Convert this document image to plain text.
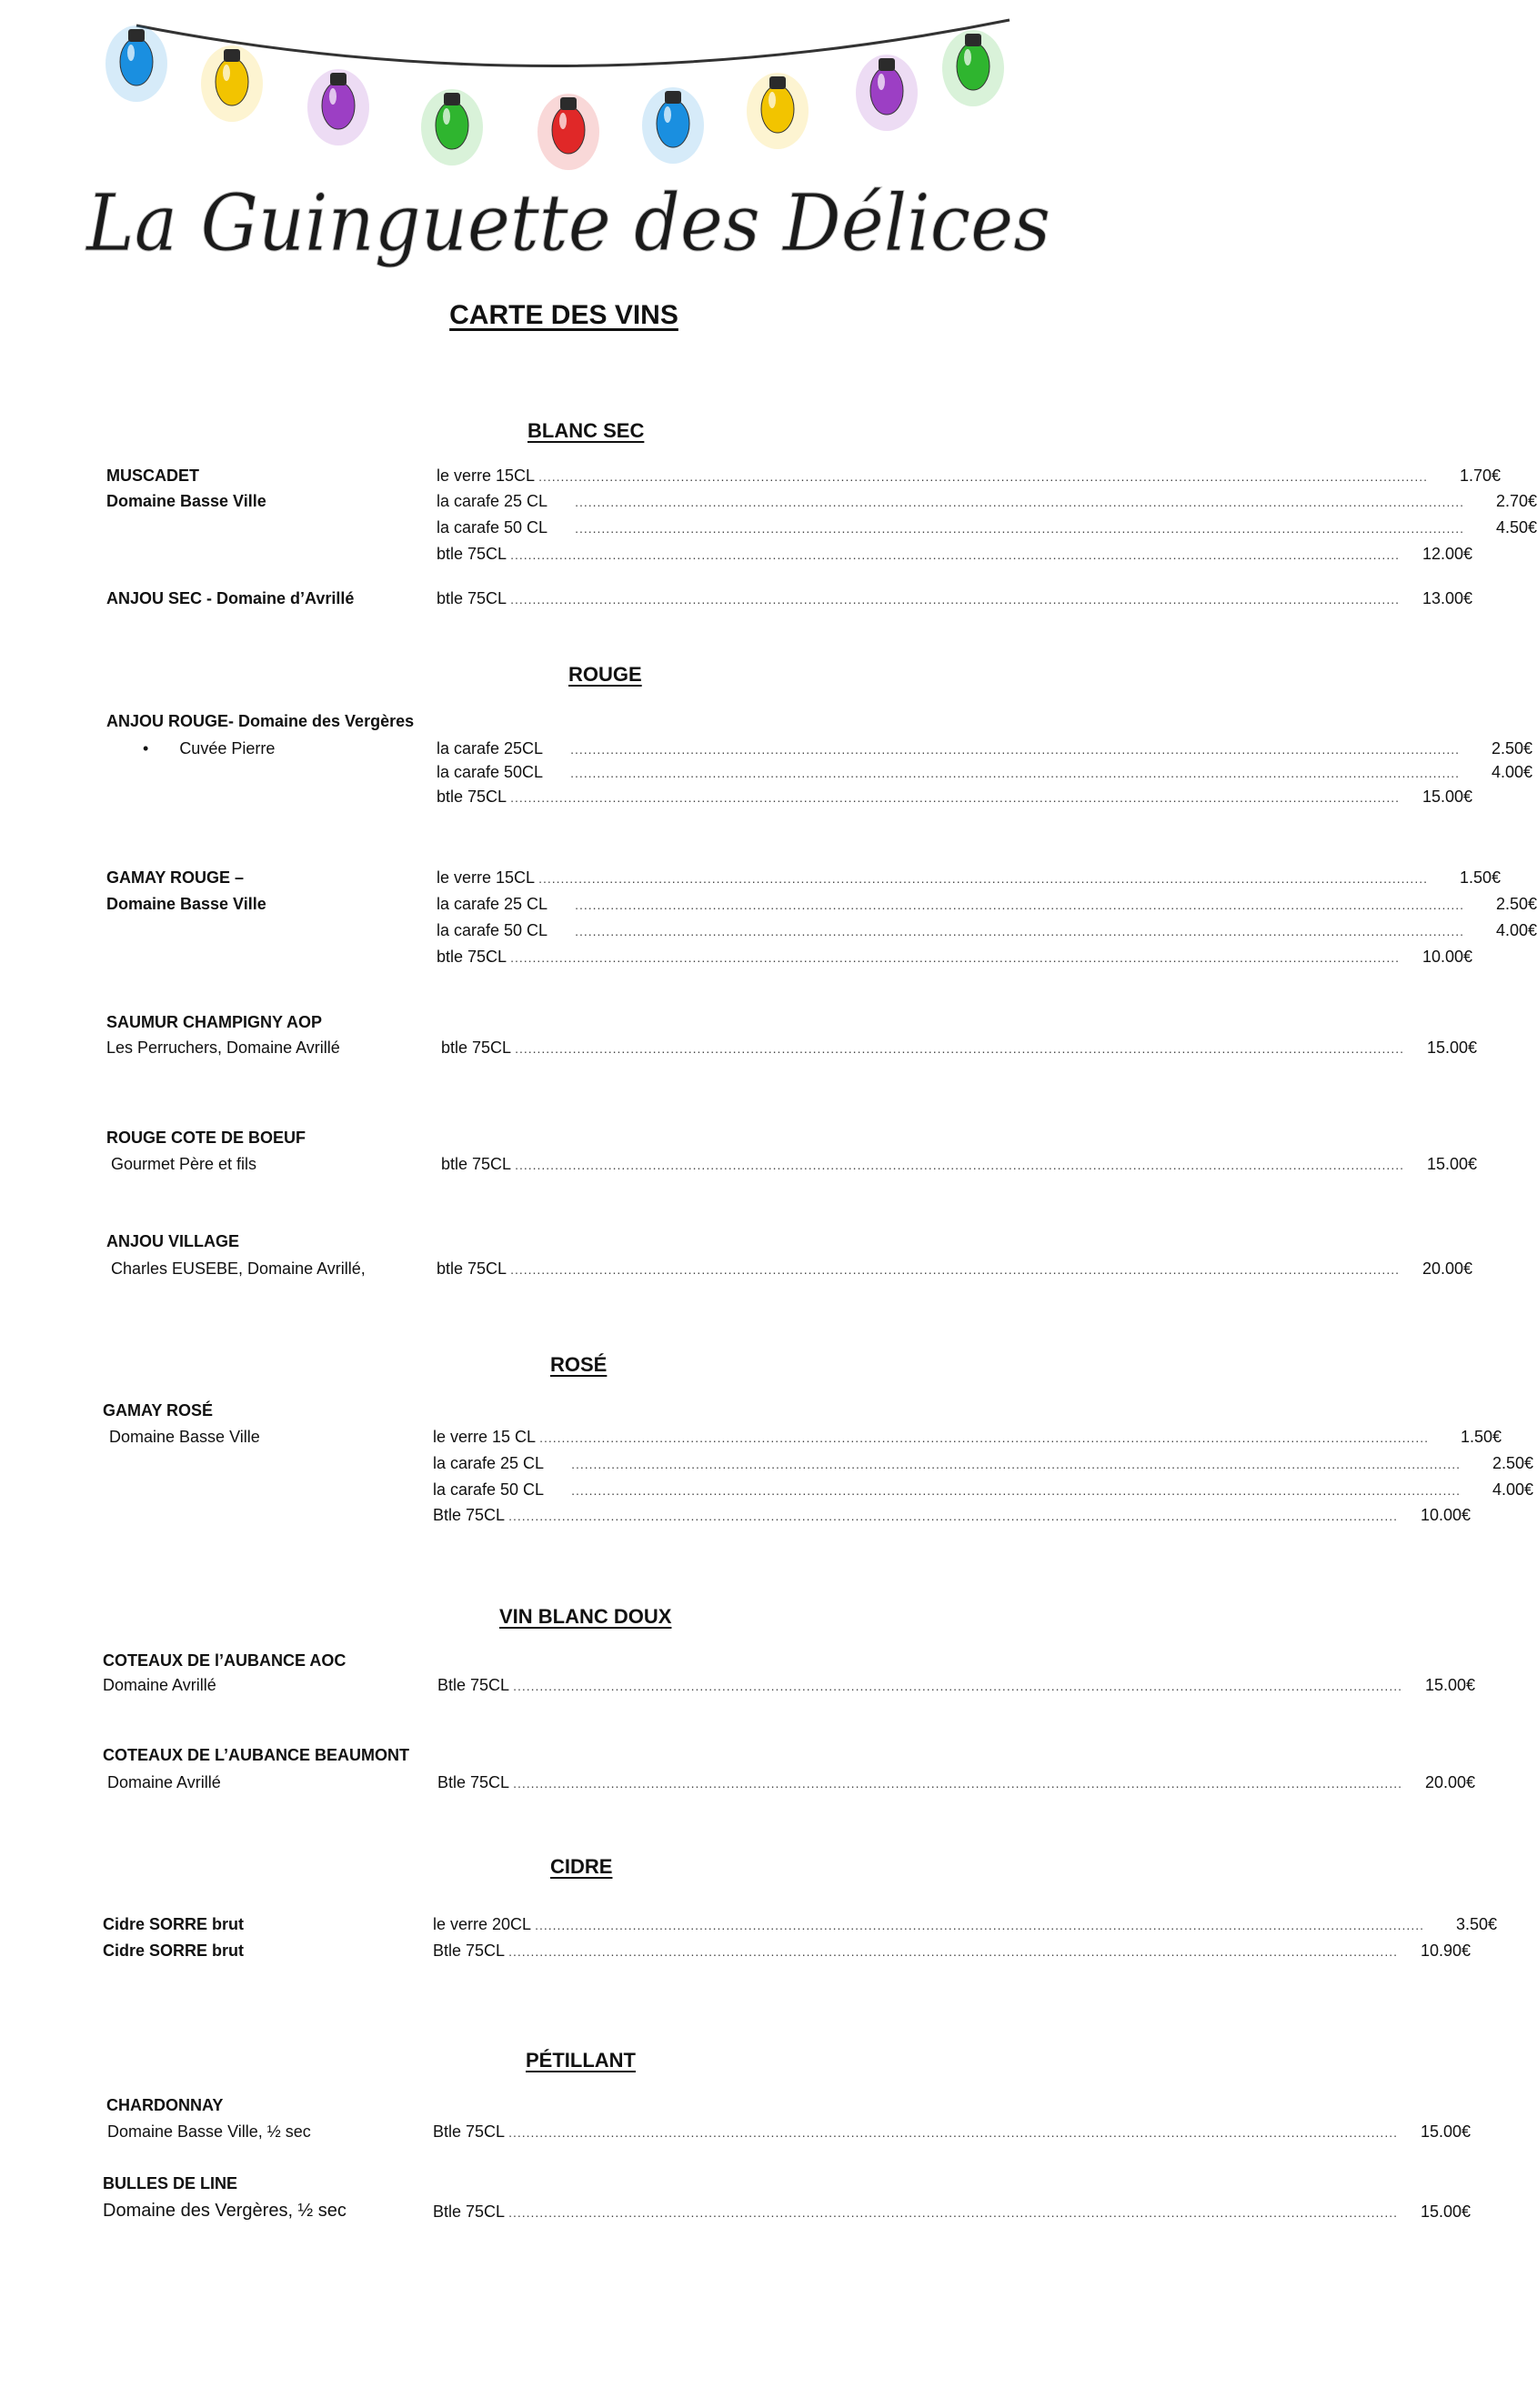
La Guinguette des Délices
CARTE DES VINS
BLANC SEC
MUSCADET
Domaine Basse Ville
le verre 15CL ........................................................................................................................................................................................................	1.70€
la carafe 25 CL ........................................................................................................................................................................................................	2.70€
la carafe 50 CL ........................................................................................................................................................................................................	4.50€
btle 75CL ........................................................................................................................................................................................................	12.00€
ANJOU SEC - Domaine d’Avrillé	btle 75CL ........................................................................................................................................................................................................	13.00€
ROUGE
ANJOU ROUGE- Domaine des Vergères
• Cuvée Pierre	la carafe 25CL ........................................................................................................................................................................................................	2.50€
la carafe 50CL ........................................................................................................................................................................................................	4.00€
btle 75CL ........................................................................................................................................................................................................	15.00€
GAMAY ROUGE –
Domaine Basse Ville
le verre 15CL ........................................................................................................................................................................................................	1.50€
la carafe 25 CL ........................................................................................................................................................................................................	2.50€
la carafe 50 CL ........................................................................................................................................................................................................	4.00€
btle 75CL ........................................................................................................................................................................................................	10.00€
SAUMUR CHAMPIGNY AOP
Les Perruchers, Domaine Avrillé	btle 75CL ........................................................................................................................................................................................................	15.00€
ROUGE COTE DE BOEUF
Gourmet Père et fils	btle 75CL ........................................................................................................................................................................................................	15.00€
ANJOU VILLAGE
Charles EUSEBE, Domaine Avrillé,	btle 75CL ........................................................................................................................................................................................................	20.00€
ROSÉ
GAMAY ROSÉ
Domaine Basse Ville	le verre 15 CL ........................................................................................................................................................................................................	1.50€
la carafe 25 CL ........................................................................................................................................................................................................	2.50€
la carafe 50 CL ........................................................................................................................................................................................................	4.00€
Btle 75CL ........................................................................................................................................................................................................	10.00€
VIN BLANC DOUX
COTEAUX DE l’AUBANCE AOC
Domaine Avrillé	Btle 75CL ........................................................................................................................................................................................................	15.00€
COTEAUX DE L’AUBANCE BEAUMONT
Domaine Avrillé	Btle 75CL ........................................................................................................................................................................................................	20.00€
CIDRE
Cidre SORRE brut	le verre 20CL ........................................................................................................................................................................................................	3.50€
Cidre SORRE brut	Btle 75CL ........................................................................................................................................................................................................	10.90€
PÉTILLANT
CHARDONNAY
Domaine Basse Ville, ½ sec	Btle 75CL ........................................................................................................................................................................................................	15.00€
BULLES DE LINE
Domaine des Vergères, ½ sec	Btle 75CL ........................................................................................................................................................................................................	15.00€
